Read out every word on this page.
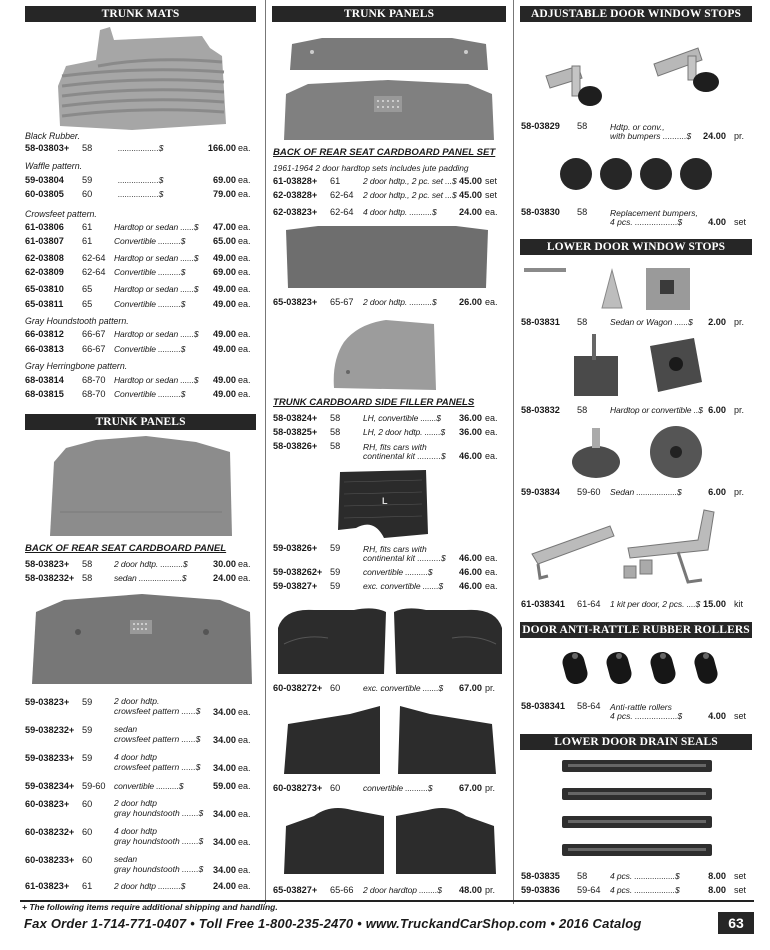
TRUNK MATS
Black Rubber.
58-03803+ 58	..................$	166.00 ea.
Waffle pattern.
59-03804 59	..................$	69.00 ea.
60-03805 60	..................$	79.00 ea.
Crowsfeet pattern.
61-03806 61	Hardtop or sedan ......$ 47.00 ea.
61-03807 61	Convertible ..........$	65.00 ea.
62-03808 62-64 Hardtop or sedan ......$ 49.00 ea.
62-03809 62-64 Convertible ..........$	69.00 ea.
65-03810 65	Hardtop or sedan ......$ 49.00 ea.
65-03811 65	Convertible ..........$	49.00 ea.
Gray Houndstooth pattern.
66-03812 66-67 Hardtop or sedan ......$ 49.00 ea.
66-03813 66-67 Convertible ..........$	49.00 ea.
Gray Herringbone pattern.
68-03814 68-70 Hardtop or sedan ......$ 49.00 ea.
68-03815 68-70 Convertible ..........$	49.00 ea.
TRUNK PANELS
BACK OF REAR SEAT CARDBOARD PANEL
58-03823+ 58	2 door hdtp. ..........$	30.00 ea.
58-038232+ 58	sedan ...................$	24.00 ea.
59-03823+ 59	2 door hdtp.
crowsfeet pattern ......$ 34.00 ea.
59-038232+ 59	sedan
crowsfeet pattern ......$ 34.00 ea.
59-038233+ 59	4 door hdtp
crowsfeet pattern ......$ 34.00 ea.
59-038234+ 59-60 convertible ..........$	59.00 ea.
60-03823+ 60	2 door hdtp
gray houndstooth .......$ 34.00 ea.
60-038232+ 60	4 door hdtp
gray houndstooth .......$ 34.00 ea.
60-038233+ 60	sedan
gray houndstooth .......$ 34.00 ea.
61-03823+ 61	2 door hdtp ..........$	24.00 ea.
TRUNK PANELS
BACK OF REAR SEAT CARDBOARD PANEL SET
1961-1964 2 door hardtop sets includes jute padding
61-03828+ 61	2 door hdtp., 2 pc. set ...$ 45.00 set
62-03828+ 62-64 2 door hdtp., 2 pc. set ...$ 45.00 set
62-03823+ 62-64 4 door hdtp. ..........$ 24.00 ea.
65-03823+ 65-67 2 door hdtp. ..........$ 26.00 ea.
TRUNK CARDBOARD SIDE FILLER PANELS
58-03824+ 58	LH, convertible .......$ 36.00 ea.
58-03825+ 58	LH, 2 door hdtp. .......$ 36.00 ea.
58-03826+ 58	RH, fits cars with
continental kit ..........$ 46.00 ea.
L
59-03826+ 59	RH, fits cars with
continental kit ..........$ 46.00 ea.
59-038262+ 59	convertible ..........$	46.00 ea.
59-03827+ 59	exc. convertible .......$ 46.00 ea.
60-038272+ 60	exc. convertible .......$ 67.00 pr.
60-038273+ 60	convertible ..........$	67.00 pr.
65-03827+ 65-66 2 door hardtop ........$ 48.00 pr.
ADJUSTABLE DOOR WINDOW STOPS
58-03829 58	Hdtp. or conv.,
with bumpers ..........$ 24.00 pr.
58-03830 58	Replacement bumpers,
4 pcs. ..................$	4.00 set
LOWER DOOR WINDOW STOPS
58-03831 58	Sedan or Wagon ......$ 2.00 pr.
58-03832 58	Hardtop or convertible ..$ 6.00 pr.
59-03834 59-60 Sedan ..................$	6.00 pr.
61-038341 61-64 1 kit per door, 2 pcs. ....$ 15.00 kit
DOOR ANTI-RATTLE RUBBER ROLLERS
58-038341 58-64 Anti-rattle rollers
4 pcs. ..................$	4.00 set
LOWER DOOR DRAIN SEALS
58-03835 58	4 pcs. ..................$	8.00 set
59-03836 59-64 4 pcs. ..................$	8.00 set
+ The following items require additional shipping and handling.
Fax Order 1-714-771-0407 • Toll Free 1-800-235-2470 • www.TruckandCarShop.com • 2016 Catalog	63
